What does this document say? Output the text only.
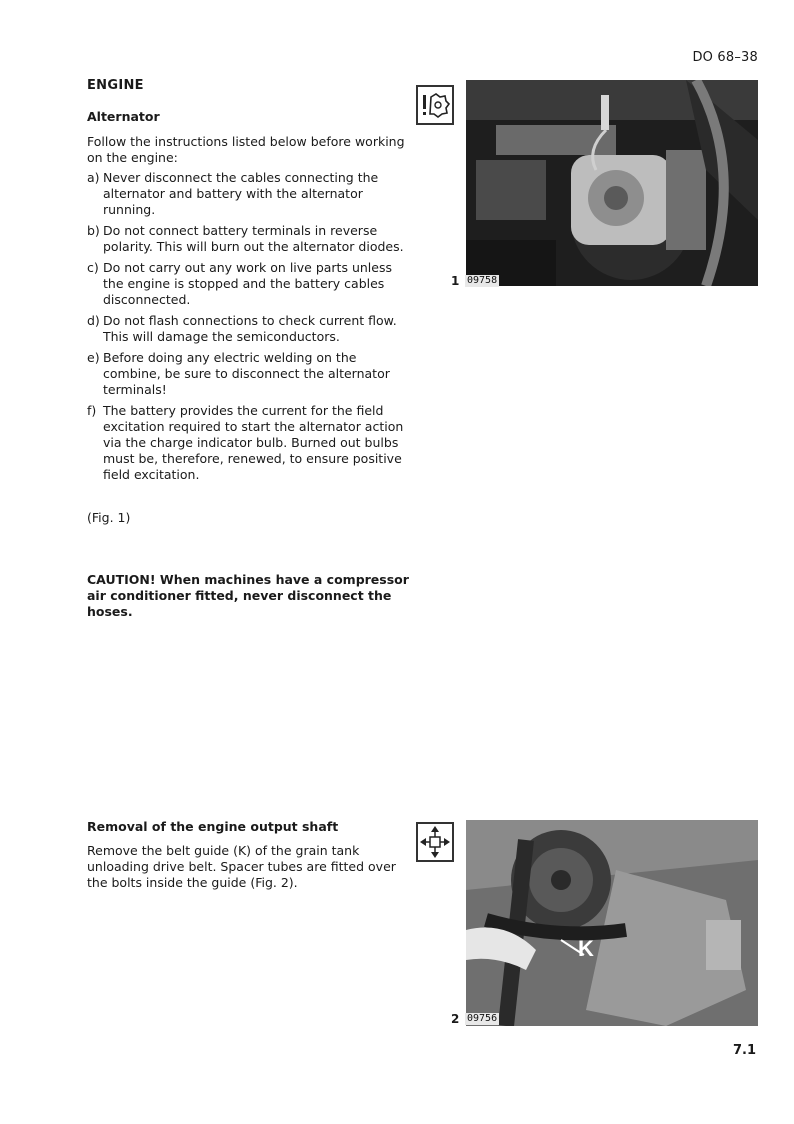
DO 68–38
ENGINE
Alternator
Follow the instructions listed below before working on the engine:
a) Never disconnect the cables connecting the alternator and battery with the alternator running.
b) Do not connect battery terminals in reverse polarity. This will burn out the alternator diodes.
c) Do not carry out any work on live parts unless the engine is stopped and the battery cables disconnected.
d) Do not flash connections to check current flow. This will damage the semiconductors.
e) Before doing any electric welding on the combine, be sure to disconnect the alternator terminals!
f) The battery provides the current for the field excitation required to start the alternator action via the charge indicator bulb. Burned out bulbs must be, therefore, renewed, to ensure positive field excitation.
(Fig. 1)
CAUTION! When machines have a compressor air conditioner fitted, never disconnect the hoses.
1 09758
Removal of the engine output shaft
Remove the belt guide (K) of the grain tank unloading drive belt. Spacer tubes are fitted over the bolts inside the guide (Fig. 2).
K
2 09756
7.1
